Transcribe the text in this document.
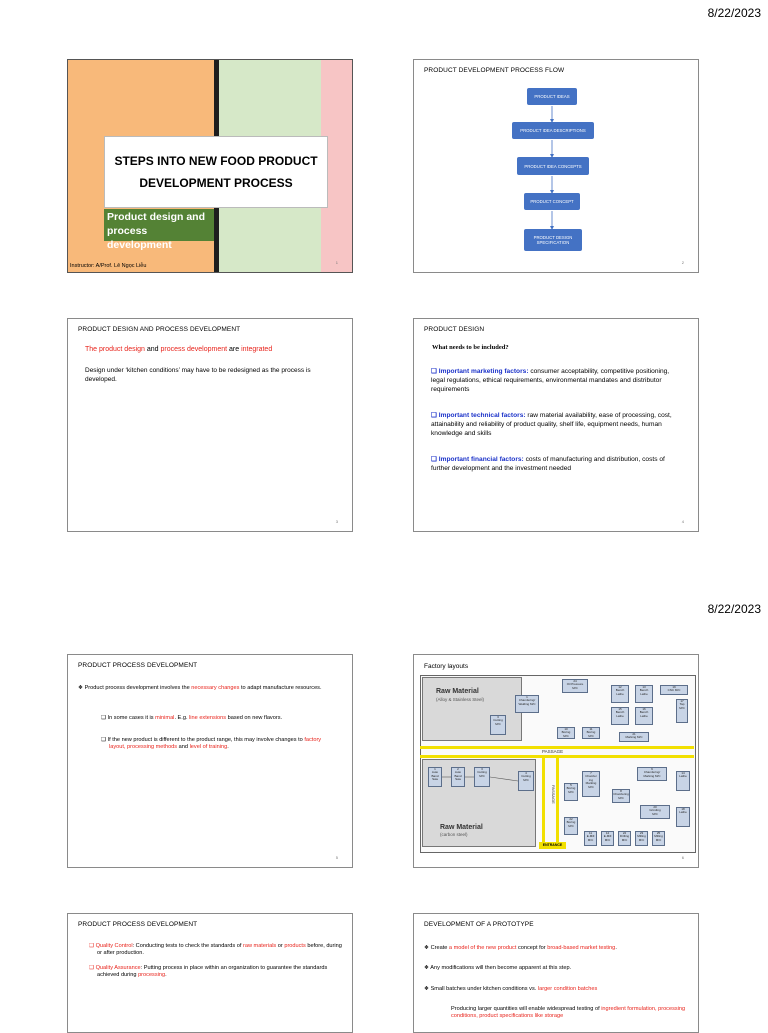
8/22/2023
8/22/2023
STEPS INTO NEW FOOD PRODUCT DEVELOPMENT PROCESS
Product design and process development
Instructor: A/Prof. Lê Ngọc Liễu
1
PRODUCT DEVELOPMENT PROCESS FLOW
PRODUCT IDEAS
PRODUCT IDEA DESCRIPTIONS
PRODUCT IDEA CONCEPTS
PRODUCT CONCEPT
PRODUCT DESIGN SPECIFICATION
2
PRODUCT DESIGN AND PROCESS DEVELOPMENT
The product design and process development are integrated
Design under ‘kitchen conditions’ may have to be redesigned as the process is developed.
3
PRODUCT DESIGN
What needs to be included?
❑ Important marketing factors: consumer acceptability, competitive positioning, legal regulations, ethical requirements, environmental mandates and distributor requirements
❑ Important technical factors: raw material availability, ease of processing, cost, attainability and reliability of product quality, shelf life, equipment needs, human knowledge and skills
❑ Important financial factors: costs of manufacturing and distribution, costs of further development and the investment needed
4
PRODUCT PROCESS DEVELOPMENT
❖ Product process development involves the necessary changes to adapt manufacture resources.
❑ In some cases it is minimal. E.g. line extensions based on new flavors.
❑ If the new product is different to the product range, this may involve changes to factory layout, processing methods and level of training.
5
Factory layouts
Raw Material
(Alloy & Stainless Steel)
Raw Material
(carbon steel)
PASSAGE
PASSAGE
ENTRANCE
1
Chamfering/
Welding M/C
3
Cutting
M/C
24
Oil Pressure
M/C	12
Bench
Lathe
13
Bench
Lathe
19
CNC M/C
17
Tap
M/C
15
Bench
Lathe
16
Bench
Lathe
10
Boring
M/C
11
Boring
M/C	21
Marking M/C
1
Auto
Band
Saw
2
Auto
Band
Saw
3
Cutting
M/C
4
Cutting
M/C
5
Boring
M/C
7
Chamfer
ing
Marking
M/C
8
Chamfering
M/C
9
Chamfering/
Marking M/C
14
Lathe
18
Lathe
20
Grinding
M/C
22
Boring
M/C
11
E-Mill
M/C
12
E-Mill
M/C
22
Drilling
M/C
23
Milling
M/C
25
Milling
M/C
6
PRODUCT PROCESS DEVELOPMENT
❑ Quality Control: Conducting tests to check the standards of raw materials or products before, during or after production.
❑ Quality Assurance: Putting process in place within an organization to guarantee the standards achieved during processing.
DEVELOPMENT OF A PROTOTYPE
❖ Create a model of the new product concept for broad-based market testing.
❖ Any modifications will then become apparent at this step.
❖ Small batches under kitchen conditions vs. larger condition batches
Producing larger quantities will enable widespread testing of ingredient formulation, processing conditions, product specifications like storage
